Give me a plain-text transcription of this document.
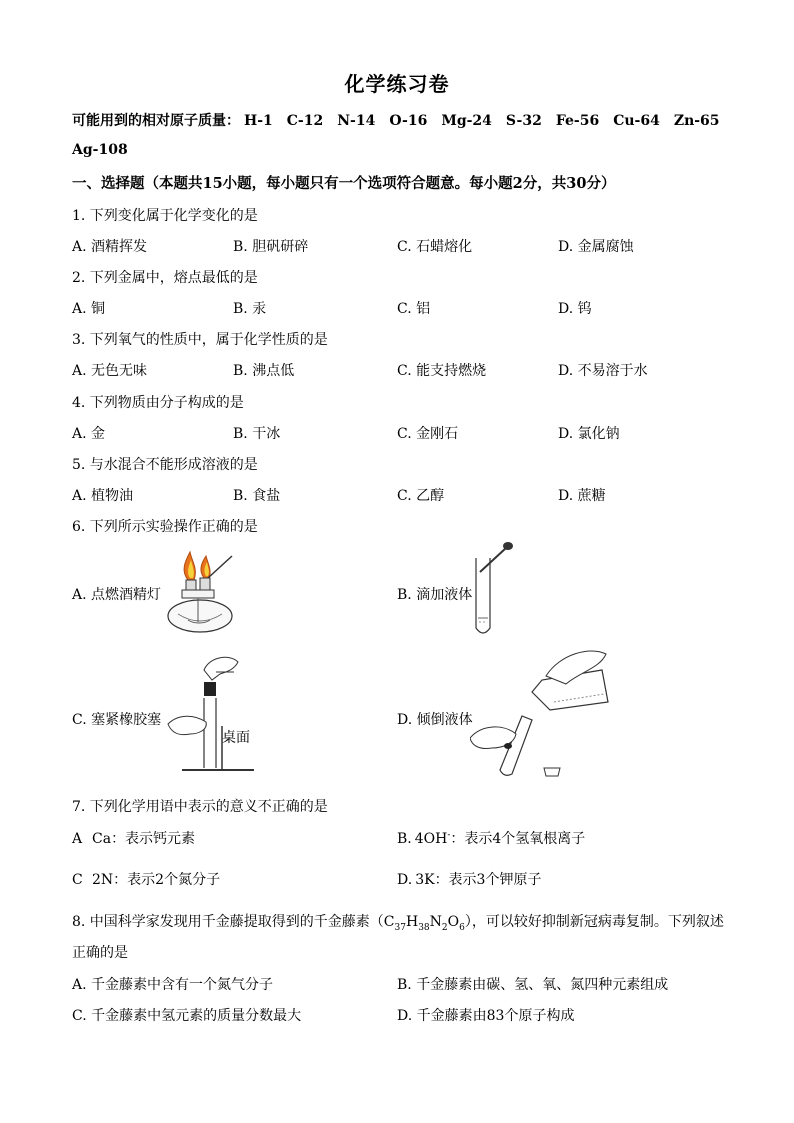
化学练习卷
可能用到的相对原子质量： H-1 C-12 N-14 O-16 Mg-24 S-32 Fe-56 Cu-64 Zn-65
Ag-108
一、选择题（本题共15小题，每小题只有一个选项符合题意。每小题2分，共30分）
1. 下列变化属于化学变化的是
A. 酒精挥发	B. 胆矾研碎	C. 石蜡熔化	D. 金属腐蚀
2. 下列金属中，熔点最低的是
A. 铜	B. 汞	C. 铝	D. 钨
3. 下列氧气的性质中，属于化学性质的是
A. 无色无味	B. 沸点低	C. 能支持燃烧	D. 不易溶于水
4. 下列物质由分子构成的是
A. 金	B. 干冰	C. 金刚石	D. 氯化钠
5. 与水混合不能形成溶液的是
A. 植物油	B. 食盐	C. 乙醇	D. 蔗糖
6. 下列所示实验操作正确的是
A. 点燃酒精灯	B. 滴加液体
C. 塞紧橡胶塞
桌面
D. 倾倒液体
7. 下列化学用语中表示的意义不正确的是
A Ca：表示钙元素	B. 4OH-：表示4个氢氧根离子
C 2N：表示2个氮分子	D. 3K：表示3个钾原子
8. 中国科学家发现用千金藤提取得到的千金藤素$(C_{37}H_{38}N_2O_6)$，可以较好抑制新冠病毒复制。下列叙述
正确的是
A. 千金藤素中含有一个氮气分子	B. 千金藤素由碳、氢、氧、氮四种元素组成
C. 千金藤素中氢元素的质量分数最大	D. 千金藤素由83个原子构成
